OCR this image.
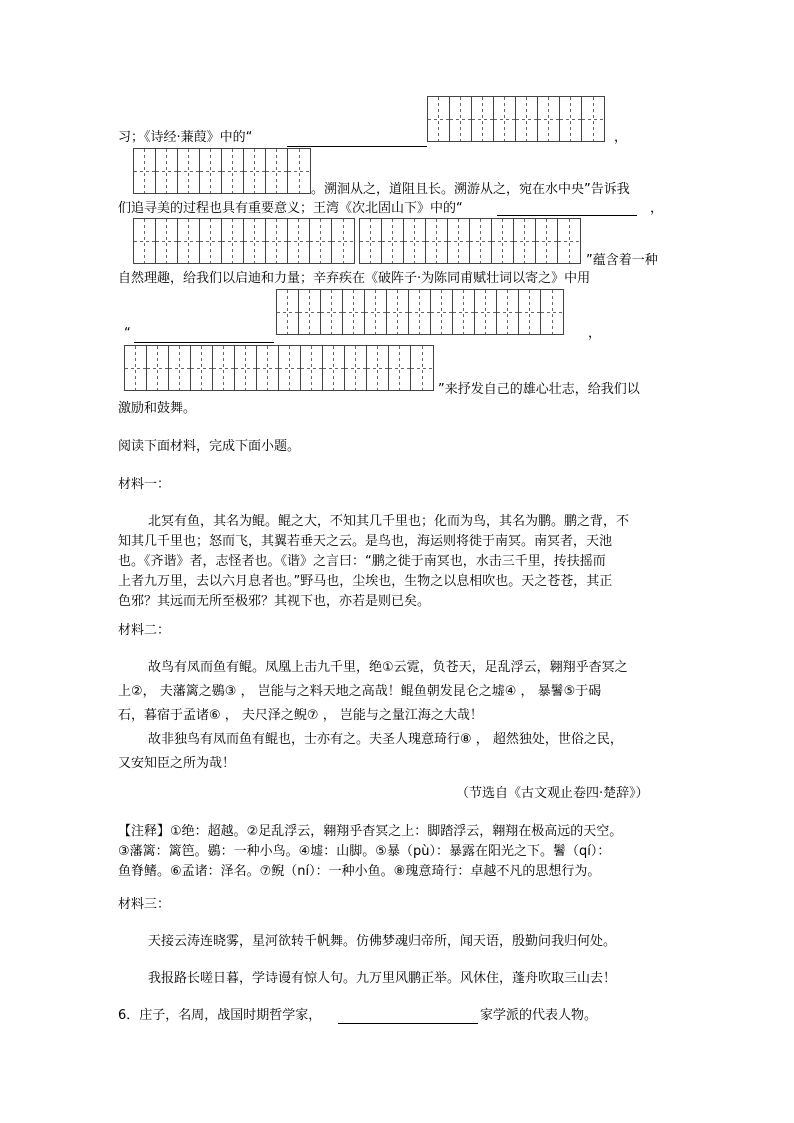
习；《诗经·蒹葭》中的“	，
。溯洄从之，道阻且长。溯游从之，宛在水中央”告诉我
们追寻美的过程也具有重要意义；王湾《次北固山下》中的“	，
”蕴含着一种
自然理趣，给我们以启迪和力量；辛弃疾在《破阵子·为陈同甫赋壮词以寄之》中用
“	，
”来抒发自己的雄心壮志，给我们以
激励和鼓舞。
阅读下面材料，完成下面小题。
材料一：
北冥有鱼，其名为鲲。鲲之大，不知其几千里也；化而为鸟，其名为鹏。鹏之背，不
知其几千里也；怒而飞，其翼若垂天之云。是鸟也，海运则将徙于南冥。南冥者，天池
也。《齐谐》者，志怪者也。《谐》之言曰：“鹏之徙于南冥也，水击三千里，抟扶摇而
上者九万里，去以六月息者也。”野马也，尘埃也，生物之以息相吹也。天之苍苍，其正
色邪？其远而无所至极邪？其视下也，亦若是则已矣。
材料二：
故鸟有凤而鱼有鲲。凤凰上击九千里，绝①云霓，负苍天，足乱浮云，翱翔乎杳冥之
上②， 夫藩篱之鷃③ ， 岂能与之料天地之高哉！鲲鱼朝发昆仑之墟④ ， 暴鬐⑤于碣
石，暮宿于孟诸⑥ ， 夫尺泽之鲵⑦ ， 岂能与之量江海之大哉！
故非独鸟有凤而鱼有鲲也，士亦有之。夫圣人瑰意琦行⑧ ， 超然独处，世俗之民，
又安知臣之所为哉！
（节选自《古文观止卷四·楚辞》）
【注释】①绝：超越。②足乱浮云，翱翔乎杳冥之上：脚踏浮云，翱翔在极高远的天空。
③藩篱：篱笆。鷃：一种小鸟。④墟：山脚。⑤暴（pù）：暴露在阳光之下。鬐（qí）：
鱼脊鳍。⑥孟诸：泽名。⑦鲵（ní）：一种小鱼。⑧瑰意琦行：卓越不凡的思想行为。
材料三：
天接云涛连晓雾，星河欲转千帆舞。仿佛梦魂归帝所，闻天语，殷勤问我归何处。
我报路长嗟日暮，学诗谩有惊人句。九万里风鹏正举。风休住，蓬舟吹取三山去！
6．庄子，名周，战国时期哲学家，	家学派的代表人物。
